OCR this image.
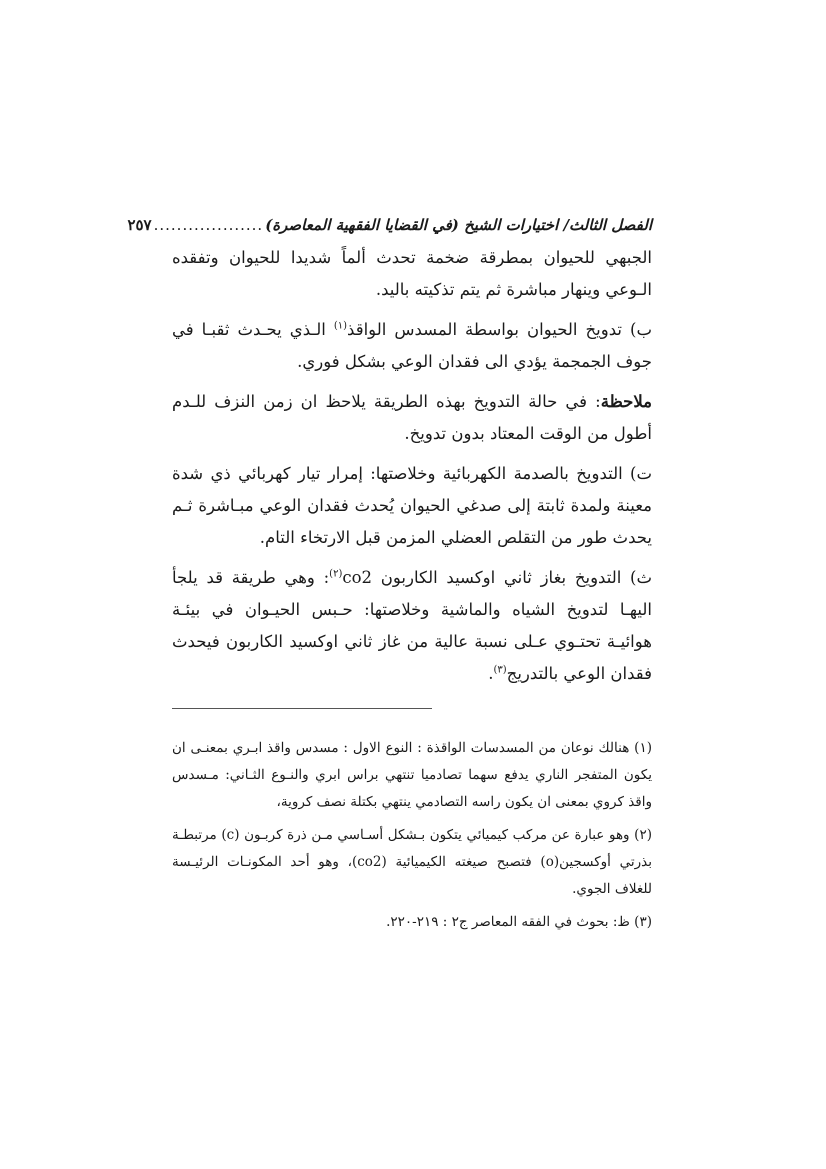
الفصل الثالث/ اختيارات الشيخ (في القضايا الفقهية المعاصرة)
...................
٢٥٧

الجبهي للحيوان بمطرقة ضخمة تحدث ألماً شديدا للحيوان وتفقده الـوعي وينهار مباشرة ثم يتم تذكيته باليد.

ب) تدويخ الحيوان بواسطة المسدس الواقذ$^{(١)}$ الـذي يحـدث ثقبـا في جوف الجمجمة يؤدي الى فقدان الوعي بشكل فوري.

ملاحظة: في حالة التدويخ بهذه الطريقة يلاحظ ان زمن النزف للـدم أطول من الوقت المعتاد بدون تدويخ.

ت) التدويخ بالصدمة الكهربائية وخلاصتها: إمرار تيار كهربائي ذي شدة معينة ولمدة ثابتة إلى صدغي الحيوان يُحدث فقدان الوعي مبـاشرة ثـم يحدث طور من التقلص العضلي المزمن قبل الارتخاء التام.

ث) التدويخ بغاز ثاني اوكسيد الكاربون co2$^{(٢)}$: وهي طريقة قد يلجأ اليهـا لتدويخ الشياه والماشية وخلاصتها: حـبس الحيـوان في بيئـة هوائيـة تحتـوي عـلى نسبة عالية من غاز ثاني اوكسيد الكاربون فيحدث فقدان الوعي بالتدريج$^{(٣)}$.

(١) هنالك نوعان من المسدسات الواقذة : النوع الاول : مسدس واقذ ابـري بمعنـى ان يكون المتفجر الناري يدفع سهما تصادميا تنتهي براس ابري والنـوع الثـاني: مـسدس واقذ كروي بمعنى ان يكون راسه التصادمي ينتهي بكتلة نصف كروية،

(٢) وهو عبارة عن مركب كيميائي يتكون بـشكل أسـاسي مـن ذرة كربـون (c) مرتبطـة بذرتي أوكسجين(o) فتصبح صيغته الكيميائية (co2)، وهو أحد المكونـات الرئيـسة للغلاف الجوي.

(٣) ظ: بحوث في الفقه المعاصر ج٢ : ٢١٩-٢٢٠.
